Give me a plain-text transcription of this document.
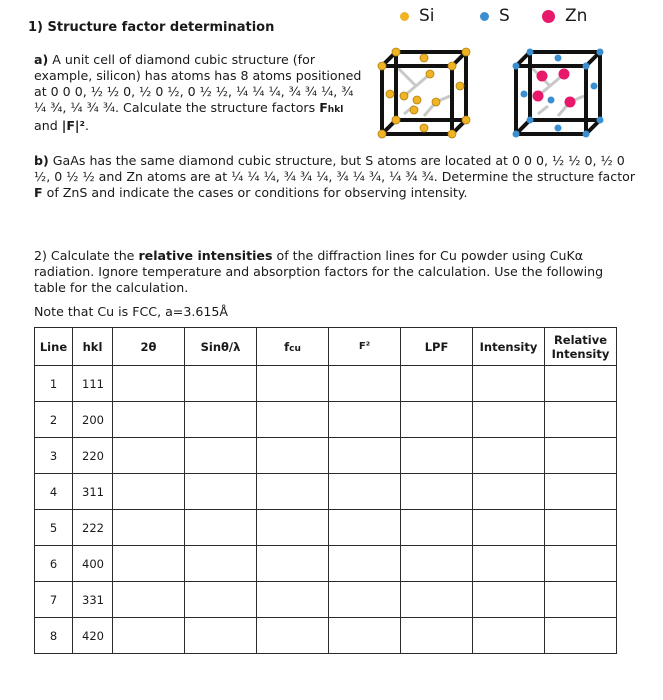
Si	S	Zn
1) Structure factor determination
a) A unit cell of diamond cubic structure (for example, silicon) has atoms has 8 atoms positioned at 0 0 0, ½ ½ 0, ½ 0 ½, 0 ½ ½, ¼ ¼ ¼, ¾ ¾ ¼, ¾ ¼ ¾, ¼ ¾ ¾. Calculate the structure factors Fhkl and |F|².
b) GaAs has the same diamond cubic structure, but S atoms are located at 0 0 0, ½ ½ 0, ½ 0 ½, 0 ½ ½ and Zn atoms are at ¼ ¼ ¼, ¾ ¾ ¼, ¾ ¼ ¾, ¼ ¾ ¾. Determine the structure factor F of ZnS and indicate the cases or conditions for observing intensity.
2) Calculate the relative intensities of the diffraction lines for Cu powder using CuKα radiation. Ignore temperature and absorption factors for the calculation. Use the following table for the calculation.
Note that Cu is FCC, a=3.615Å
Line	hkl	2θ	Sinθ/λ	fcu	F²	LPF	Intensity	Relative Intensity
1	111							
2	200							
3	220							
4	311							
5	222							
6	400							
7	331							
8	420							
